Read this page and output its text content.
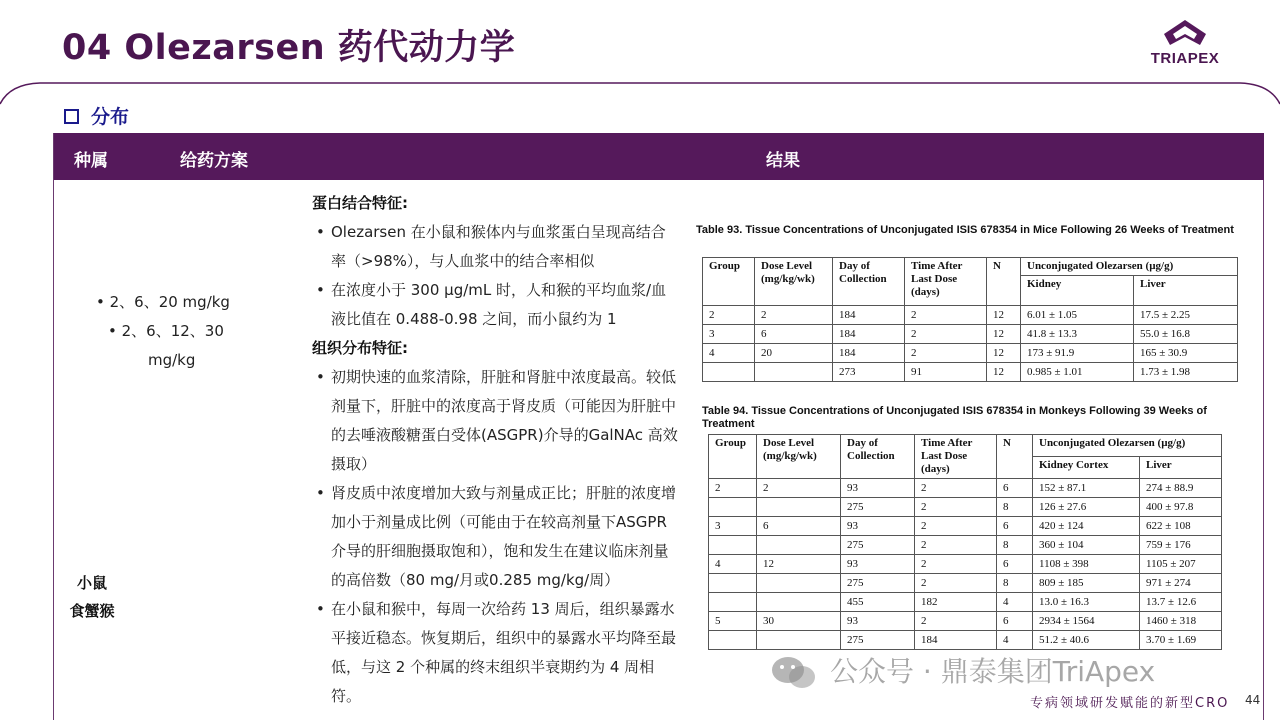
04 Olezarsen 药代动力学	TRIAPEX
分布
种属	给药方案	结果
小鼠
食蟹猴
• 2、6、20 mg/kg
• 2、6、12、30
mg/kg
蛋白结合特征:
• Olezarsen 在小鼠和猴体内与血浆蛋白呈现高结合率（>98%），与人血浆中的结合率相似
• 在浓度小于 300 µg/mL 时，人和猴的平均血浆/血液比值在 0.488-0.98 之间，而小鼠约为 1
组织分布特征:
• 初期快速的血浆清除，肝脏和肾脏中浓度最高。较低剂量下，肝脏中的浓度高于肾皮质（可能因为肝脏中的去唾液酸糖蛋白受体(ASGPR)介导的GalNAc 高效摄取）
• 肾皮质中浓度增加大致与剂量成正比；肝脏的浓度增加小于剂量成比例（可能由于在较高剂量下ASGPR介导的肝细胞摄取饱和），饱和发生在建议临床剂量的高倍数（80 mg/月或0.285 mg/kg/周）
• 在小鼠和猴中，每周一次给药 13 周后，组织暴露水平接近稳态。恢复期后，组织中的暴露水平均降至最低，与这 2 个种属的终末组织半衰期约为 4 周相符。
Table 93. Tissue Concentrations of Unconjugated ISIS 678354 in Mice Following 26 Weeks of Treatment
Group	Dose Level (mg/kg/wk)	Day of Collection	Time After Last Dose (days)	N	Unconjugated Olezarsen (µg/g)	
					Kidney	Liver
2	2	184	2	12	6.01 ± 1.05	17.5 ± 2.25
3	6	184	2	12	41.8 ± 13.3	55.0 ± 16.8
4	20	184	2	12	173 ± 91.9	165 ± 30.9
		273	91	12	0.985 ± 1.01	1.73 ± 1.98
Table 94. Tissue Concentrations of Unconjugated ISIS 678354 in Monkeys Following 39 Weeks of Treatment
Group	Dose Level (mg/kg/wk)	Day of Collection	Time After Last Dose (days)	N	Unconjugated Olezarsen (µg/g)	
					Kidney Cortex	Liver
2	2	93	2	6	152 ± 87.1	274 ± 88.9
		275	2	8	126 ± 27.6	400 ± 97.8
3	6	93	2	6	420 ± 124	622 ± 108
		275	2	8	360 ± 104	759 ± 176
4	12	93	2	6	1108 ± 398	1105 ± 207
		275	2	8	809 ± 185	971 ± 274
		455	182	4	13.0 ± 16.3	13.7 ± 12.6
5	30	93	2	6	2934 ± 1564	1460 ± 318
		275	184	4	51.2 ± 40.6	3.70 ± 1.69
公众号 · 鼎泰集团TriApex
专病领域研发赋能的新型CRO 44
